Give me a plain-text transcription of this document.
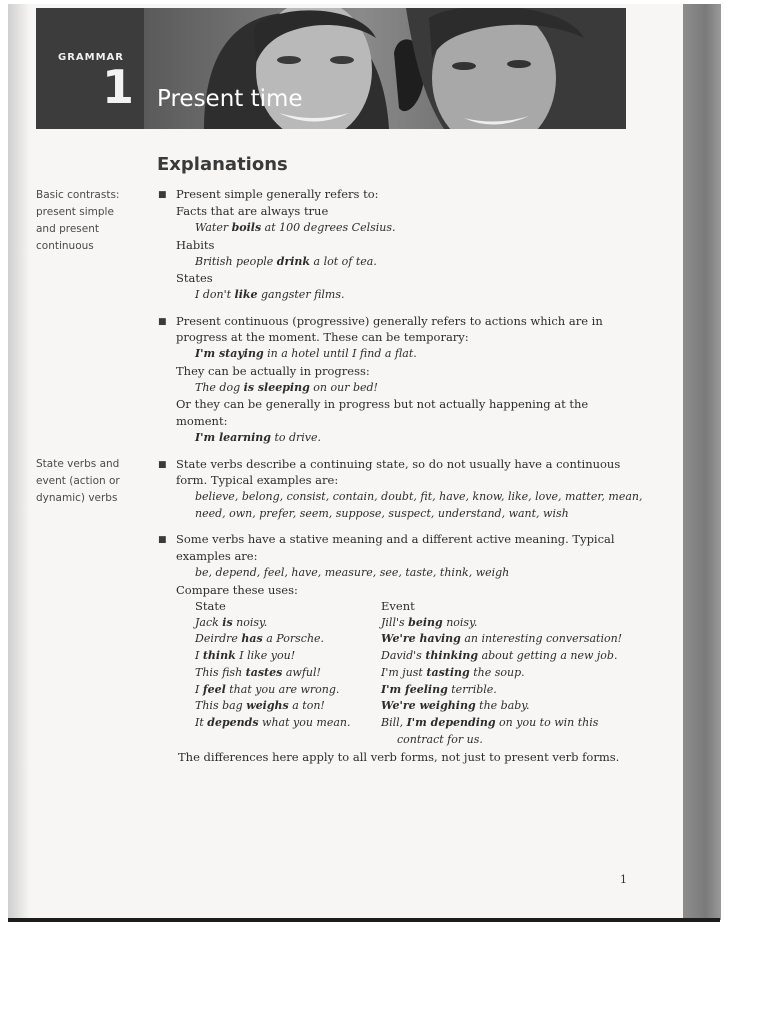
GRAMMAR
1 Present time
Explanations
Basic contrasts:
present simple
and present
continuous
State verbs and
event (action or
dynamic) verbs
■
■
■
■
Present simple generally refers to:
Facts that are always true
Water boils at 100 degrees Celsius.
Habits
British people drink a lot of tea.
States
I don't like gangster films.
Present continuous (progressive) generally refers to actions which are in
progress at the moment. These can be temporary:
I'm staying in a hotel until I find a flat.
They can be actually in progress:
The dog is sleeping on our bed!
Or they can be generally in progress but not actually happening at the
moment:
I'm learning to drive.
State verbs describe a continuing state, so do not usually have a continuous
form. Typical examples are:
believe, belong, consist, contain, doubt, fit, have, know, like, love, matter, mean,
need, own, prefer, seem, suppose, suspect, understand, want, wish
Some verbs have a stative meaning and a different active meaning. Typical
examples are:
be, depend, feel, have, measure, see, taste, think, weigh
Compare these uses:
State	Event
Jack is noisy.
Deirdre has a Porsche.
I think I like you!
This fish tastes awful!
I feel that you are wrong.
This bag weighs a ton!
It depends what you mean.
Jill's being noisy.
We're having an interesting conversation!
David's thinking about getting a new job.
I'm just tasting the soup.
I'm feeling terrible.
We're weighing the baby.
Bill, I'm depending on you to win this
contract for us.
The differences here apply to all verb forms, not just to present verb forms.
1
